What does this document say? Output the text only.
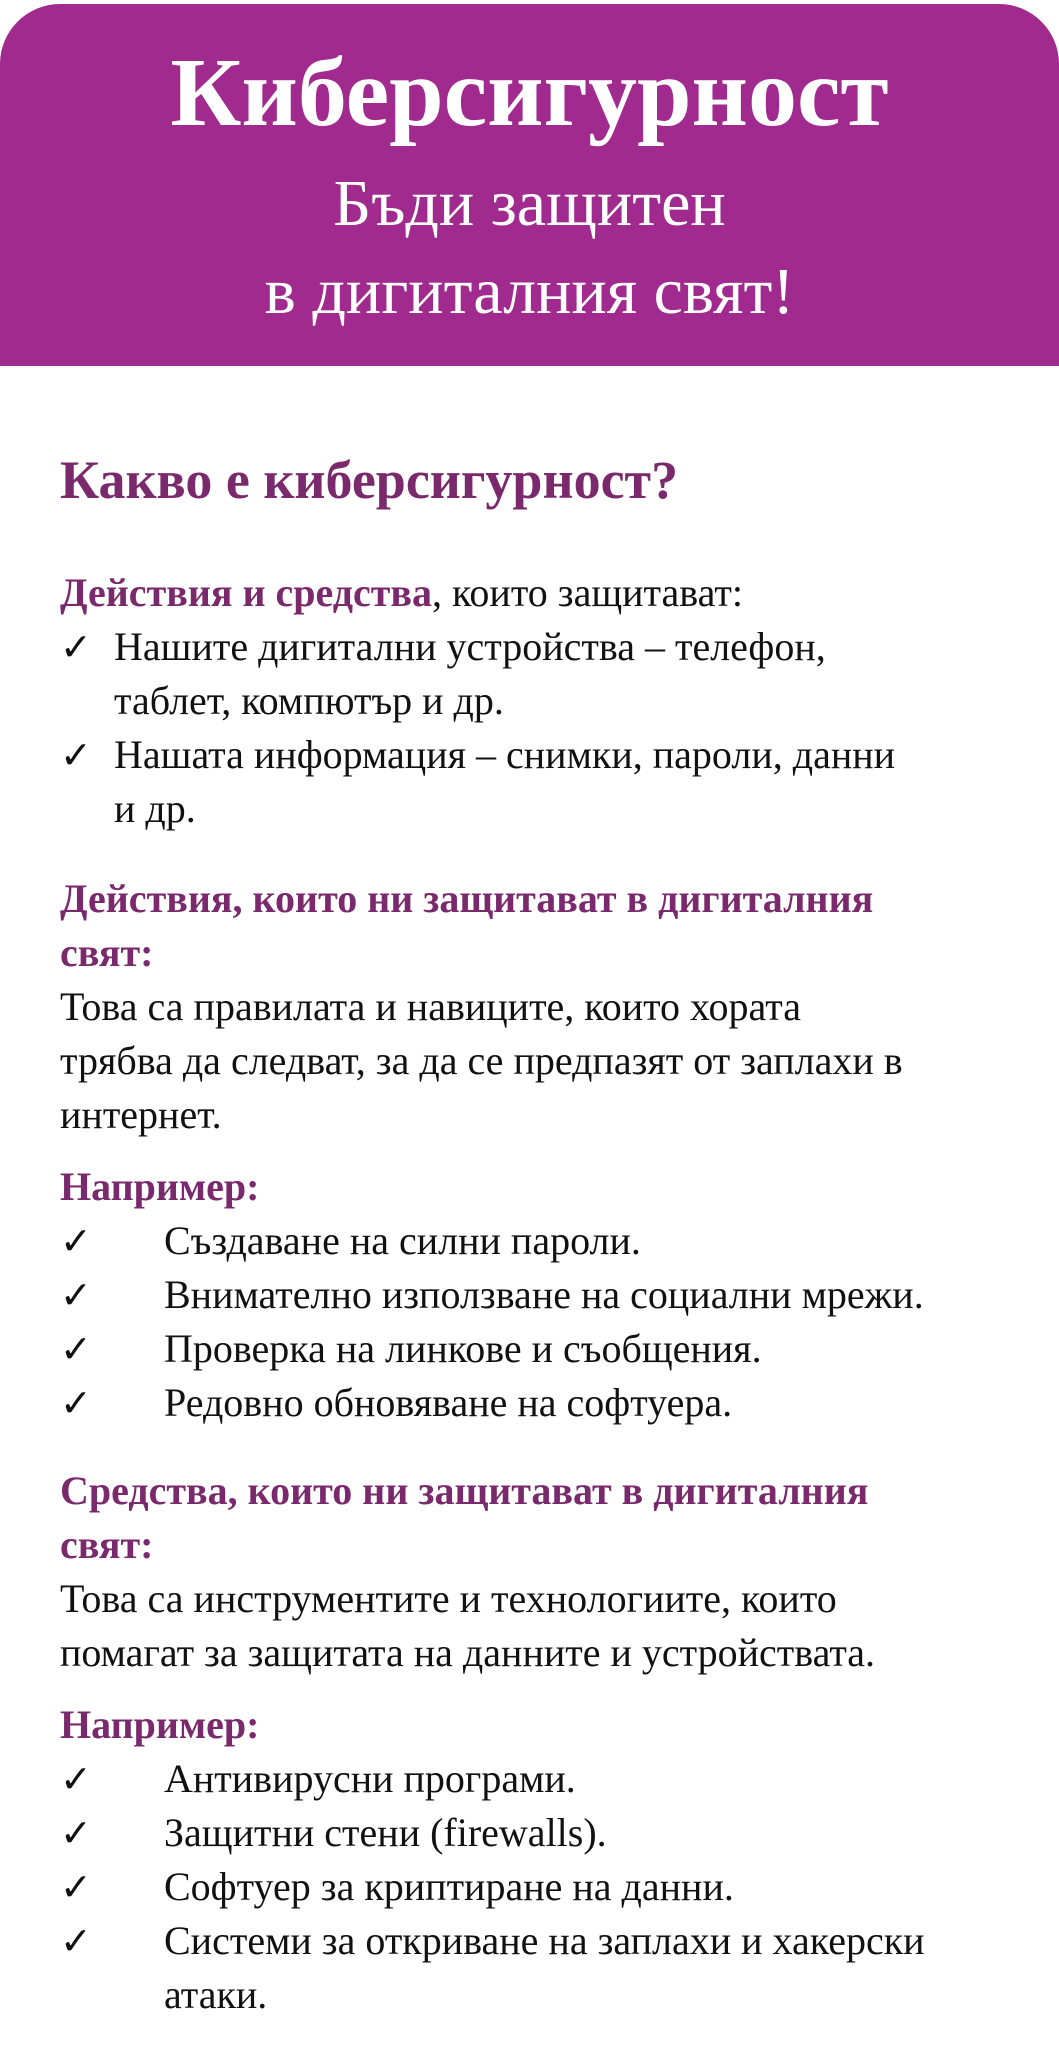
Киберсигурност
Бъди защитен
в дигиталния свят!
Какво е киберсигурност?
Действия и средства, които защитават:
✓ Нашите дигитални устройства – телефон,
таблет, компютър и др.
✓ Нашата информация – снимки, пароли, данни
и др.
Действия, които ни защитават в дигиталния
свят:
Това са правилата и навиците, които хората
трябва да следват, за да се предпазят от заплахи в
интернет.
Например:
✓ Създаване на силни пароли.
✓ Внимателно използване на социални мрежи.
✓ Проверка на линкове и съобщения.
✓ Редовно обновяване на софтуера.
Средства, които ни защитават в дигиталния
свят:
Това са инструментите и технологиите, които
помагат за защитата на данните и устройствата.
Например:
✓ Антивирусни програми.
✓ Защитни стени (firewalls).
✓ Софтуер за криптиране на данни.
✓ Системи за откриване на заплахи и хакерски
атаки.
